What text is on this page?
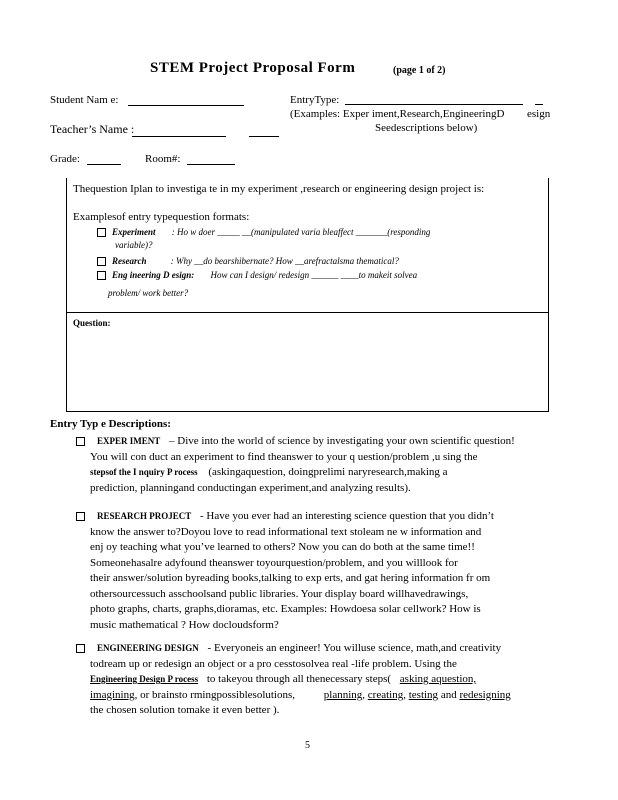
STEM Project Proposal Form	(page 1 of 2)
Student Nam e:	EntryType:
(Examples: Exper iment,Research,EngineeringD esign
Seedescriptions below)
Teacher’s Name :
Grade:	Room#:
Thequestion Iplan to investiga te in my experiment ,research or engineering design project is:
Examplesof entry typequestion formats:
Experiment : Ho w doer _____ __(manipulated varia bleaffect _______(responding
variable)?
Research	: Why __do bearshibernate? How __arefractalsma thematical?
Eng ineering D esign: How can I design/ redesign ______ ____to makeit solvea
problem/ work better?
Question:
Entry Typ e Descriptions:

EXPER IMENT – Dive into the world of science by investigating your own scientific question!

You will con duct an experiment to find theanswer to your q uestion/problem ,u sing the

stepsof the I nquiry P rocess (askingaquestion, doingprelimi naryresearch,making a

prediction, planningand conductingan experiment,and analyzing results).

RESEARCH PROJECT - Have you ever had an interesting science question that you didn’t

know the answer to?Doyou love to read informational text stoleam ne w information and

enj oy teaching what you’ve learned to others? Now you can do both at the same time!!

Someonehasalre adyfound theanswer toyourquestion/problem, and you willlook for

their answer/solution byreading books,talking to exp erts, and gat hering information fr om

othersourcessuch asschoolsand public libraries. Your display board willhavedrawings,

photo graphs, charts, graphs,dioramas, etc. Examples: Howdoesa solar cellwork? How is

music mathematical ? How docloudsform?

ENGINEERING DESIGN - Everyoneis an engineer! You willuse science, math,and creativity

todream up or redesign an object or a pro cesstosolvea real -life problem. Using the

Engineering Design P rocess to takeyou through all thenecessary steps( asking aquestion,

imagining, or brainsto rmingpossiblesolutions,	planning, creating, testing and redesigning

the chosen solution tomake it even better ).

5
